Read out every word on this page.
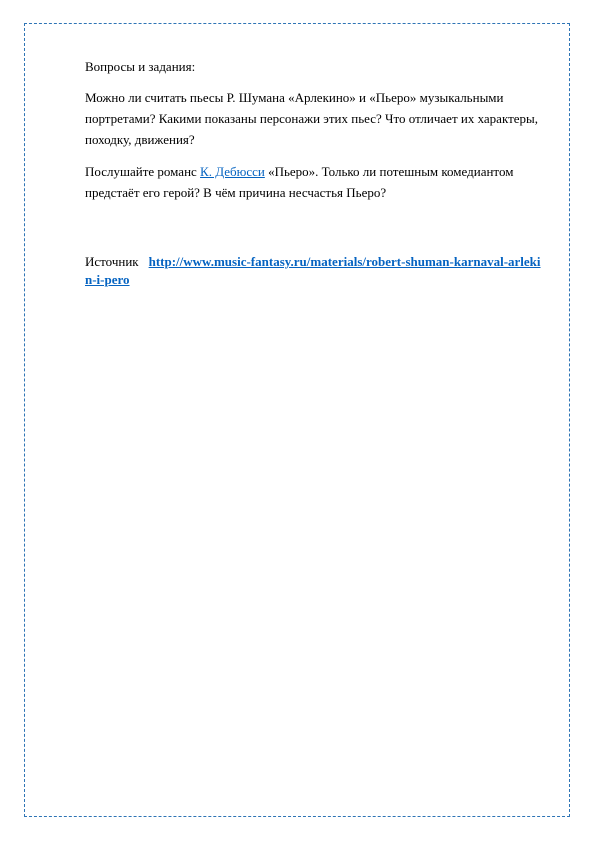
Вопросы и задания:

Можно ли считать пьесы Р. Шумана «Арлекино» и «Пьеро» музыкальными портретами? Какими показаны персонажи этих пьес? Что отличает их характеры, походку, движения?

Послушайте романс К. Дебюсси «Пьеро». Только ли потешным комедиантом предстаёт его герой? В чём причина несчастья Пьеро?

Источник http://www.music-fantasy.ru/materials/robert-shuman-karnaval-arlekin-i-pero
